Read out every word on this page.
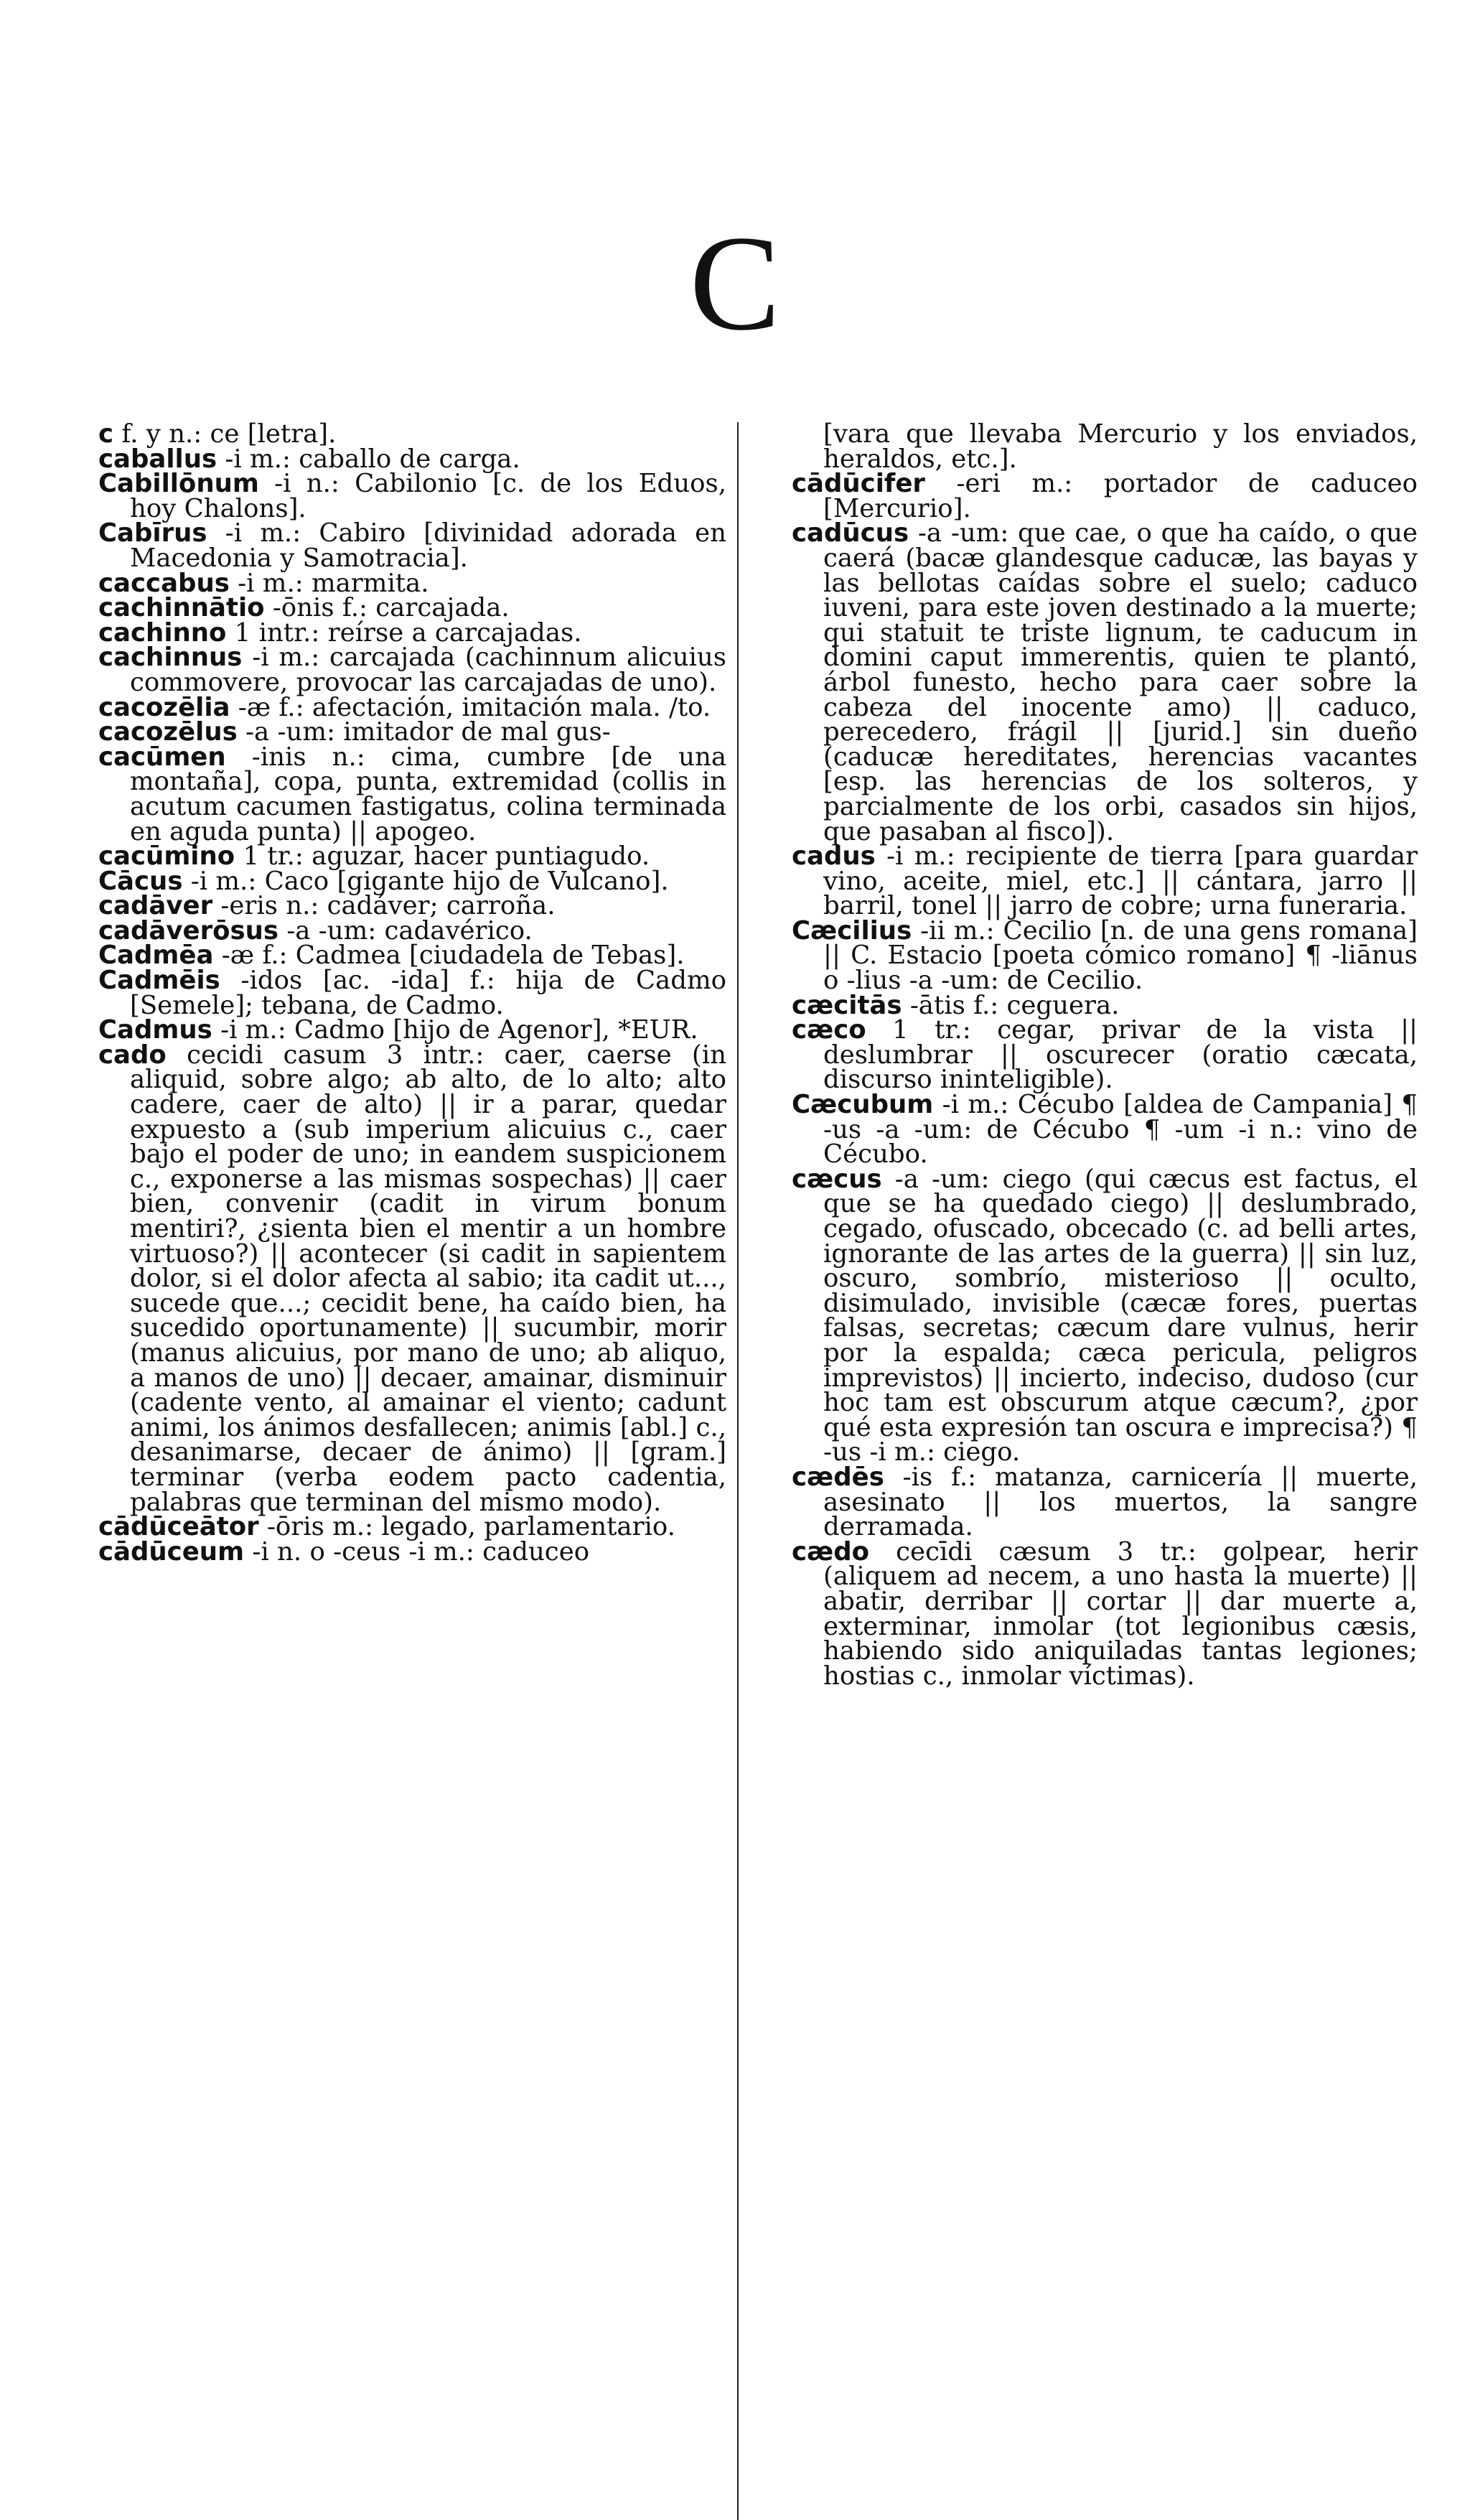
C
c f. y n.: ce [letra].
caballus -i m.: caballo de carga.
Cabillōnum -i n.: Cabilonio [c. de los Eduos, hoy Chalons].
Cabīrus -i m.: Cabiro [divinidad adorada en Macedonia y Samotracia].
caccabus -i m.: marmita.
cachinnātio -ōnis f.: carcajada.
cachinno 1 intr.: reírse a carcajadas.
cachinnus -i m.: carcajada (cachinnum alicuius commovere, provocar las carcajadas de uno).
cacozēlia -æ f.: afectación, imitación mala. /to.
cacozēlus -a -um: imitador de mal gus-
cacūmen -inis n.: cima, cumbre [de una montaña], copa, punta, extremidad (collis in acutum cacumen fastigatus, colina terminada en aguda punta) || apogeo.
cacūmino 1 tr.: aguzar, hacer puntiagudo.
Cācus -i m.: Caco [gigante hijo de Vulcano].
cadāver -eris n.: cadáver; carroña.
cadāverōsus -a -um: cadavérico.
Cadmēa -æ f.: Cadmea [ciudadela de Tebas].
Cadmēis -idos [ac. -ida] f.: hija de Cadmo [Semele]; tebana, de Cadmo.
Cadmus -i m.: Cadmo [hijo de Agenor], *EUR.
cado cecidi casum 3 intr.: caer, caerse (in aliquid, sobre algo; ab alto, de lo alto; alto cadere, caer de alto) || ir a parar, quedar expuesto a (sub imperium alicuius c., caer bajo el poder de uno; in eandem suspicionem c., exponerse a las mismas sospechas) || caer bien, convenir (cadit in virum bonum mentiri?, ¿sienta bien el mentir a un hombre virtuoso?) || acontecer (si cadit in sapientem dolor, si el dolor afecta al sabio; ita cadit ut..., sucede que...; cecidit bene, ha caído bien, ha sucedido oportunamente) || sucumbir, morir (manus alicuius, por mano de uno; ab aliquo, a manos de uno) || decaer, amainar, disminuir (cadente vento, al amainar el viento; cadunt animi, los ánimos desfallecen; animis [abl.] c., desanimarse, decaer de ánimo) || [gram.] terminar (verba eodem pacto cadentia, palabras que terminan del mismo modo).
cādūceātor -ōris m.: legado, parlamentario.
cādūceum -i n. o -ceus -i m.: caduceo
[vara que llevaba Mercurio y los enviados, heraldos, etc.].
cādūcifer -eri m.: portador de caduceo [Mercurio].
cadūcus -a -um: que cae, o que ha caído, o que caerá (bacæ glandesque caducæ, las bayas y las bellotas caídas sobre el suelo; caduco iuveni, para este joven destinado a la muerte; qui statuit te triste lignum, te caducum in domini caput immerentis, quien te plantó, árbol funesto, hecho para caer sobre la cabeza del inocente amo) || caduco, perecedero, frágil || [jurid.] sin dueño (caducæ hereditates, herencias vacantes [esp. las herencias de los solteros, y parcialmente de los orbi, casados sin hijos, que pasaban al fisco]).
cadus -i m.: recipiente de tierra [para guardar vino, aceite, miel, etc.] || cántara, jarro || barril, tonel || jarro de cobre; urna funeraria.
Cæcilius -ii m.: Cecilio [n. de una gens romana] || C. Estacio [poeta cómico romano] ¶ -liānus o -lius -a -um: de Cecilio.
cæcitās -ātis f.: ceguera.
cæco 1 tr.: cegar, privar de la vista || deslumbrar || oscurecer (oratio cæcata, discurso ininteligible).
Cæcubum -i m.: Cécubo [aldea de Campania] ¶ -us -a -um: de Cécubo ¶ -um -i n.: vino de Cécubo.
cæcus -a -um: ciego (qui cæcus est factus, el que se ha quedado ciego) || deslumbrado, cegado, ofuscado, obcecado (c. ad belli artes, ignorante de las artes de la guerra) || sin luz, oscuro, sombrío, misterioso || oculto, disimulado, invisible (cæcæ fores, puertas falsas, secretas; cæcum dare vulnus, herir por la espalda; cæca pericula, peligros imprevistos) || incierto, indeciso, dudoso (cur hoc tam est obscurum atque cæcum?, ¿por qué esta expresión tan oscura e imprecisa?) ¶ -us -i m.: ciego.
cædēs -is f.: matanza, carnicería || muerte, asesinato || los muertos, la sangre derramada.
cædo cecīdi cæsum 3 tr.: golpear, herir (aliquem ad necem, a uno hasta la muerte) || abatir, derribar || cortar || dar muerte a, exterminar, inmolar (tot legionibus cæsis, habiendo sido aniquiladas tantas legiones; hostias c., inmolar víctimas).
